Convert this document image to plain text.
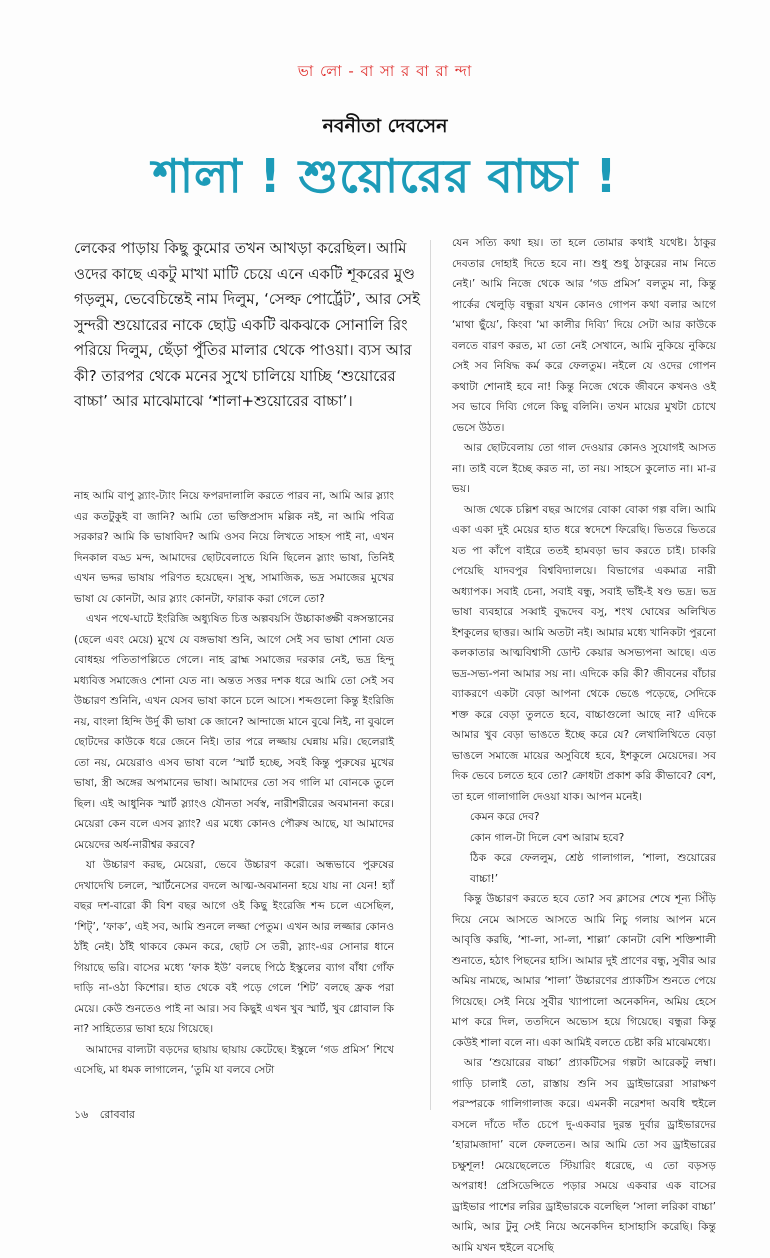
ভা লো - বা সা র বা রা ন্দা
নবনীতা দেবসেন
শালা ! শুয়োরের বাচ্চা !

লেকের পাড়ায় কিছু কুমোর তখন আখড়া করেছিল। আমি ওদের কাছে একটু মাখা মাটি চেয়ে এনে একটি শূকরের মুণ্ড গড়লুম, ভেবেচিন্তেই নাম দিলুম, ‘সেল্ফ পোর্ট্রেট’, আর সেই সুন্দরী শুয়োরের নাকে ছোট্ট একটি ঝকঝকে সোনালি রিং পরিয়ে দিলুম, ছেঁড়া পুঁতির মালার থেকে পাওয়া। ব্যস আর কী? তারপর থেকে মনের সুখে চালিয়ে যাচ্ছি ‘শুয়োরের বাচ্চা’ আর মাঝেমাঝে ‘শালা+শুয়োরের বাচ্চা’।

নাহ আমি বাপু স্ল্যাং-ট্যাং নিয়ে ফপরদালালি করতে পারব না, আমি আর স্ল্যাং এর কতটুকুই বা জানি? আমি তো ভক্তিপ্রসাদ মল্লিক নই, না আমি পবিত্র সরকার? আমি কি ভাষাবিদ? আমি ওসব নিয়ে লিখতে সাহস পাই না, এখন দিনকাল বড্ড মন্দ, আমাদের ছোটবেলাতে যিনি ছিলেন স্ল্যাং ভাষা, তিনিই এখন ভদ্দর ভাষায় পরিণত হয়েছেন। সুস্থ, সামাজিক, ভদ্র সমাজের মুখের ভাষা যে কোনটা, আর স্ল্যাং কোনটা, ফারাক করা গেলে তো?

এখন পথে-ঘাটে ইংরিজি অধ্যুষিত চিত্ত অল্পবয়সি উচ্চাকাঙ্ক্ষী বঙ্গসন্তানের (ছেলে এবং মেয়ে) মুখে যে বঙ্গভাষা শুনি, আগে সেই সব ভাষা শোনা যেত বোধহয় পতিতাপল্লিতে গেলে। নাহ ব্রাহ্ম সমাজের দরকার নেই, ভদ্র হিন্দু মধ্যবিত্ত সমাজেও শোনা যেত না। অন্তত সত্তর দশক ধরে আমি তো সেই সব উচ্চারণ শুনিনি, এখন যেসব ভাষা কানে চলে আসে। শব্দগুলো কিন্তু ইংরিজি নয়, বাংলা হিন্দি উর্দু কী ভাষা কে জানে? আন্দাজে মানে বুঝে নিই, না বুঝলে ছোটদের কাউকে ধরে জেনে নিই। তার পরে লজ্জায় ঘেন্নায় মরি। ছেলেরাই তো নয়, মেয়েরাও এসব ভাষা বলে ‘স্মার্ট হচ্ছে, সবই কিন্তু পুরুষের মুখের ভাষা, স্ত্রী অঙ্গের অপমানের ভাষা। আমাদের তো সব গালি মা বোনকে তুলে ছিল। এই আধুনিক স্মার্ট স্ল্যাংও যৌনতা সর্বস্ব, নারীশরীরের অবমাননা করে। মেয়েরা কেন বলে এসব স্ল্যাং? এর মধ্যে কোনও পৌরুষ আছে, যা আমাদের মেয়েদের অর্ধ-নারীশ্বর করবে?

যা উচ্চারণ করছ, মেয়েরা, ভেবে উচ্চারণ করো। অন্ধভাবে পুরুষের দেখাদেখি চললে, স্মার্টনেসের বদলে আত্ম-অবমাননা হয়ে যায় না যেন! হ্যাঁ বছর দশ-বারো কী বিশ বছর আগে ওই কিছু ইংরেজি শব্দ চলে এসেছিল, ‘শিট্’, ‘ফাক’, এই সব, আমি শুনলে লজ্জা পেতুম। এখন আর লজ্জার কোনও ঠাঁই নেই। ঠাঁই থাকবে কেমন করে, ছোট সে তরী, স্ল্যাং-এর সোনার ধানে গিয়াছে ভরি। বাসের মধ্যে ‘ফাক ইউ’ বলছে পিঠে ইস্কুলের ব্যাগ বাঁধা গোঁফ দাড়ি না-ওঠা কিশোর। হাত থেকে বই পড়ে গেলে ‘শিট’ বলছে ফ্রক পরা মেয়ে। কেউ শুনতেও পাই না আর। সব কিছুই এখন খুব স্মার্ট, খুব গ্লোবাল কি না? সাহিত্যের ভাষা হয়ে গিয়েছে।

আমাদের বাল্যটা বড়দের ছায়ায় ছায়ায় কেটেছে। ইস্কুলে ‘গড প্রমিস’ শিখে এসেছি, মা ধমক লাগালেন, ‘তুমি যা বলবে সেটা

যেন সত্যি কথা হয়। তা হলে তোমার কথাই যথেষ্ট। ঠাকুর দেবতার দোহাই দিতে হবে না। শুধু শুধু ঠাকুরের নাম নিতে নেই।’ আমি নিজে থেকে আর ‘গড প্রমিস’ বলতুম না, কিন্তু পার্কের খেলুড়ি বন্ধুরা যখন কোনও গোপন কথা বলার আগে ‘মাথা ছুঁয়ে’, কিংবা ‘মা কালীর দিব্যি’ দিয়ে সেটা আর কাউকে বলতে বারণ করত, মা তো নেই সেখানে, আমি নুকিয়ে নুকিয়ে সেই সব নিষিদ্ধ কর্ম করে ফেলতুম। নইলে যে ওদের গোপন কথাটা শোনাই হবে না! কিন্তু নিজে থেকে জীবনে কখনও ওই সব ভাবে দিব্যি গেলে কিছু বলিনি। তখন মায়ের মুখটা চোখে ভেসে উঠত।

আর ছোটবেলায় তো গাল দেওয়ার কোনও সুযোগই আসত না। তাই বলে ইচ্ছে করত না, তা নয়। সাহসে কুলোত না। মা-র ভয়।

আজ থেকে চল্লিশ বছর আগের বোকা বোকা গল্প বলি। আমি একা একা দুই মেয়ের হাত ধরে স্বদেশে ফিরেছি। ভিতরে ভিতরে যত পা কাঁপে বাইরে ততই হামবড়া ভাব করতে চাই। চাকরি পেয়েছি যাদবপুর বিশ্ববিদ্যালয়ে। বিভাগের একমাত্র নারী অধ্যাপক। সবাই চেনা, সবাই বন্ধু, সবাই ভাঁই-ই ষণ্ড ভদ্র। ভদ্র ভাষা ব্যবহারে সব্বাই বুদ্ধদেব বসু, শংখ ঘোষের অলিখিত ইশকুলের ছাত্তর। আমি অতটা নই। আমার মধ্যে খানিকটা পুরনো কলকাতার আত্মবিশ্বাসী ডোন্ট কেয়ার অসভ্যপনা আছে। এত ভদ্র-সভ্য-পনা আমার সয় না। এদিকে করি কী? জীবনের বাঁচার ব্যাকরণে একটা বেড়া আপনা থেকে ভেঙে পড়েছে, সেদিকে শক্ত করে বেড়া তুলতে হবে, বাচ্চাগুলো আছে না? এদিকে আমার খুব বেড়া ভাঙতে ইচ্ছে করে যে? লেখালিখিতে বেড়া ভাঙলে সমাজে মায়ের অসুবিধে হবে, ইশকুলে মেয়েদের। সব দিক ভেবে চলতে হবে তো? ক্রোধটা প্রকাশ করি কীভাবে? বেশ, তা হলে গালাগালি দেওয়া যাক। আপন মনেই।

কেমন করে দেব?

কোন গাল-টা দিলে বেশ আরাম হবে?

ঠিক করে ফেললুম, শ্রেষ্ঠ গালাগাল, ‘শালা, শুয়োরের বাচ্চা!’

কিন্তু উচ্চারণ করতে হবে তো? সব ক্লাসের শেষে শূন্য সিঁড়ি দিয়ে নেমে আসতে আসতে আমি নিচু গলায় আপন মনে আবৃত্তি করছি, ‘শা-লা, সা-লা, শাল্লা’ কোনটা বেশি শক্তিশালী শুনাতে, হঠাৎ পিছনের হাসি। আমার দুই প্রাণের বন্ধু, সুবীর আর অমিয় নামছে, আমার ‘শালা’ উচ্চারণের প্র্যাকটিস শুনতে পেয়ে গিয়েছে। সেই নিয়ে সুবীর খ্যাপালো অনেকদিন, অমিয় হেসে মাপ করে দিল, ততদিনে অভ্যেস হয়ে গিয়েছে। বন্ধুরা কিন্তু কেউই শালা বলে না। একা আমিই বলতে চেষ্টা করি মাঝেমধ্যে।

আর ‘শুয়োরের বাচ্চা’ প্র্যাকটিসের গল্পটা আরেকটু লম্বা। গাড়ি চালাই তো, রাস্তায় শুনি সব ড্রাইভারেরা সারাক্ষণ পরস্পরকে গালিগালাজ করে। এমনকী নরেশদা অবধি হুইলে বসলে দাঁতে দাঁত চেপে দু-একবার দুরন্ত দুর্বার ড্রাইভারদের ‘হারামজাদা’ বলে ফেলতেন। আর আমি তো সব ড্রাইভারের চক্ষুশূল! মেয়েছেলেতে স্টিয়ারিং ধরেছে, এ তো বড়সড় অপরাধ! প্রেসিডেন্সিতে পড়ার সময়ে একবার এক বাসের ড্রাইভার পাশের লরির ড্রাইভারকে বলেছিল ‘সালা লরিকা বাচ্চা’ আমি, আর টুনু সেই নিয়ে অনেকদিন হাসাহাসি করেছি। কিন্তু আমি যখন হুইলে বসেছি

১৬ রোববার
